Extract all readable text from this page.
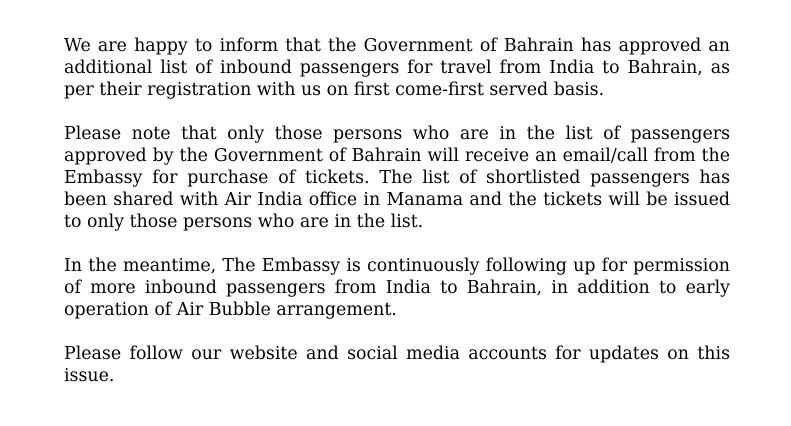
We are happy to inform that the Government of Bahrain has approved an additional list of inbound passengers for travel from India to Bahrain, as per their registration with us on first come-first served basis.

Please note that only those persons who are in the list of passengers approved by the Government of Bahrain will receive an email/call from the Embassy for purchase of tickets. The list of shortlisted passengers has been shared with Air India office in Manama and the tickets will be issued to only those persons who are in the list.

In the meantime, The Embassy is continuously following up for permission of more inbound passengers from India to Bahrain, in addition to early operation of Air Bubble arrangement.

Please follow our website and social media accounts for updates on this issue.
